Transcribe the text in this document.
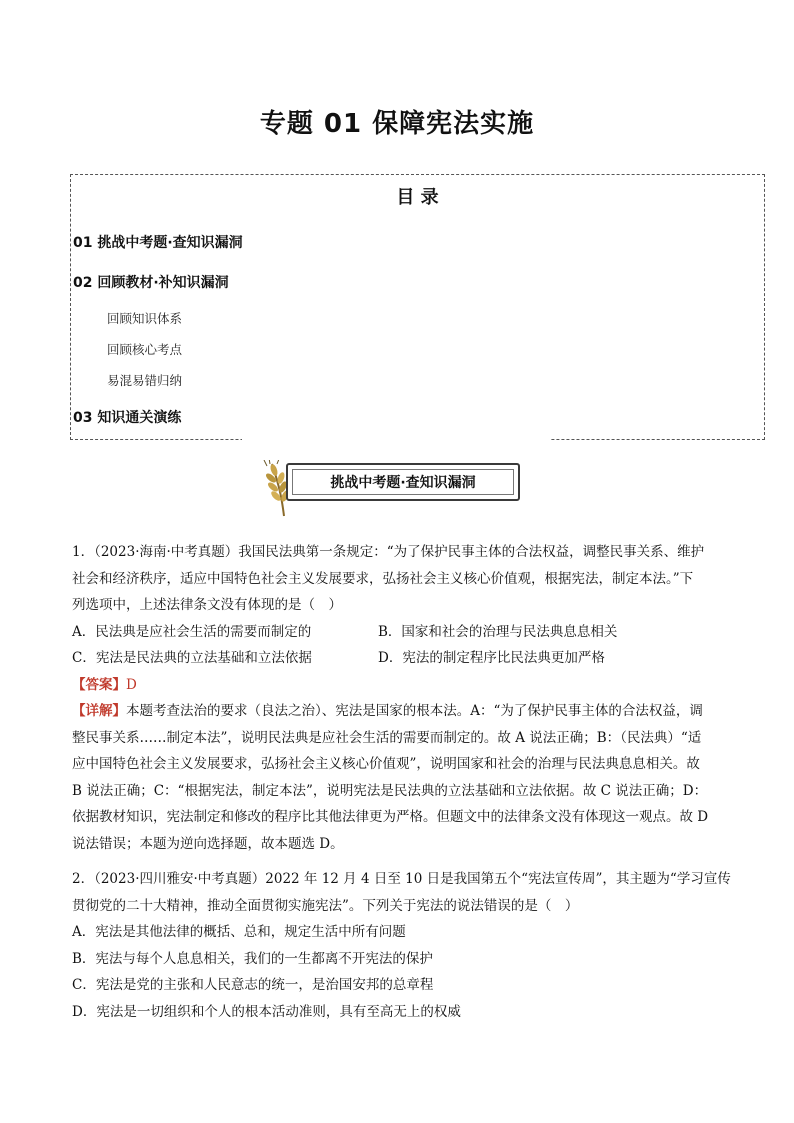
专题 01 保障宪法实施
目 录
01 挑战中考题·查知识漏洞
02 回顾教材·补知识漏洞
回顾知识体系
回顾核心考点
易混易错归纳
03 知识通关演练
挑战中考题·查知识漏洞
1．（2023·海南·中考真题）我国民法典第一条规定：“为了保护民事主体的合法权益，调整民事关系、维护
社会和经济秩序，适应中国特色社会主义发展要求，弘扬社会主义核心价值观，根据宪法，制定本法。”下
列选项中，上述法律条文没有体现的是（　）
A．民法典是应社会生活的需要而制定的	B．国家和社会的治理与民法典息息相关
C．宪法是民法典的立法基础和立法依据	D．宪法的制定程序比民法典更加严格
【答案】D
【详解】本题考查法治的要求（良法之治）、宪法是国家的根本法。A：“为了保护民事主体的合法权益，调
整民事关系……制定本法”，说明民法典是应社会生活的需要而制定的。故 A 说法正确；B：（民法典）“适
应中国特色社会主义发展要求，弘扬社会主义核心价值观”，说明国家和社会的治理与民法典息息相关。故
B 说法正确；C：“根据宪法，制定本法”，说明宪法是民法典的立法基础和立法依据。故 C 说法正确；D：
依据教材知识，宪法制定和修改的程序比其他法律更为严格。但题文中的法律条文没有体现这一观点。故 D
说法错误；本题为逆向选择题，故本题选 D。
2．（2023·四川雅安·中考真题）2022 年 12 月 4 日至 10 日是我国第五个“宪法宣传周”，其主题为“学习宣传
贯彻党的二十大精神，推动全面贯彻实施宪法”。下列关于宪法的说法错误的是（　）
A．宪法是其他法律的概括、总和，规定生活中所有问题
B．宪法与每个人息息相关，我们的一生都离不开宪法的保护
C．宪法是党的主张和人民意志的统一，是治国安邦的总章程
D．宪法是一切组织和个人的根本活动准则，具有至高无上的权威
